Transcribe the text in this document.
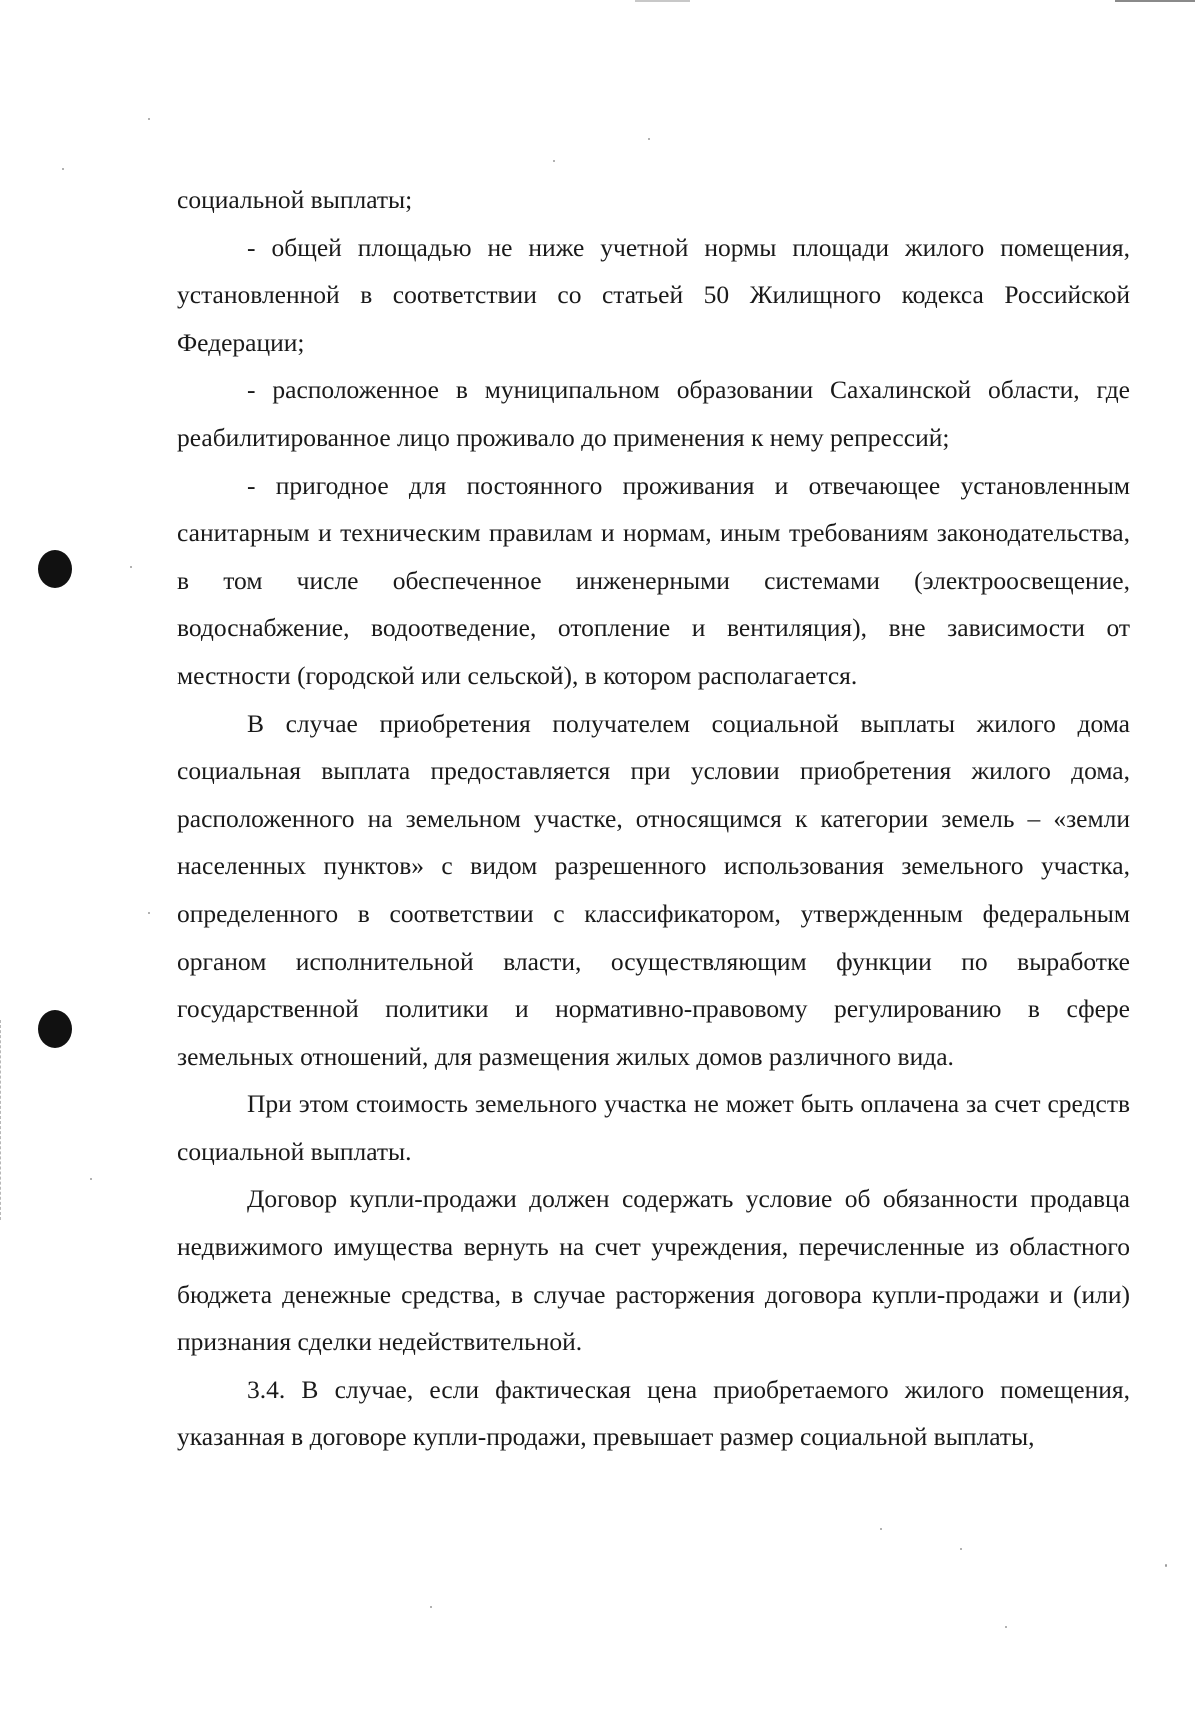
социальной выплаты;

- общей площадью не ниже учетной нормы площади жилого помещения, установленной в соответствии со статьей 50 Жилищного кодекса Российской Федерации;

- расположенное в муниципальном образовании Сахалинской области, где реабилитированное лицо проживало до применения к нему репрессий;

- пригодное для постоянного проживания и отвечающее установленным санитарным и техническим правилам и нормам, иным требованиям законодательства, в том числе обеспеченное инженерными системами (электроосвещение, водоснабжение, водоотведение, отопление и вентиляция), вне зависимости от местности (городской или сельской), в котором располагается.

В случае приобретения получателем социальной выплаты жилого дома социальная выплата предоставляется при условии приобретения жилого дома, расположенного на земельном участке, относящимся к категории земель – «земли населенных пунктов» с видом разрешенного использования земельного участка, определенного в соответствии с классификатором, утвержденным федеральным органом исполнительной власти, осуществляющим функции по выработке государственной политики и нормативно-правовому регулированию в сфере земельных отношений, для размещения жилых домов различного вида.

При этом стоимость земельного участка не может быть оплачена за счет средств социальной выплаты.

Договор купли-продажи должен содержать условие об обязанности продавца недвижимого имущества вернуть на счет учреждения, перечисленные из областного бюджета денежные средства, в случае расторжения договора купли-продажи и (или) признания сделки недействительной.

3.4. В случае, если фактическая цена приобретаемого жилого помещения, указанная в договоре купли-продажи, превышает размер социальной выплаты,
